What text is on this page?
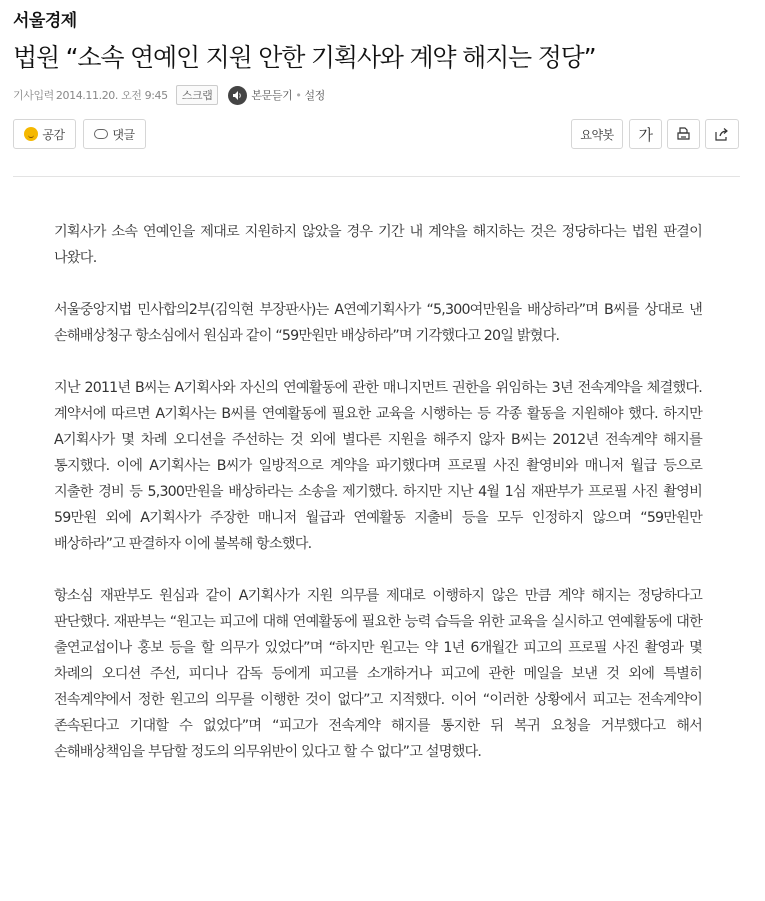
서울경제
법원 “소속 연예인 지원 안한 기획사와 계약 해지는 정당”
기사입력 2014.11.20. 오전 9:45	스크랩	본문듣기 • 설정
공감	댓글	요약봇	가

기획사가 소속 연예인을 제대로 지원하지 않았을 경우 기간 내 계약을 해지하는 것은 정당하다는 법원 판결이 나왔다.

서울중앙지법 민사합의2부(김익현 부장판사)는 A연예기획사가 “5,300여만원을 배상하라”며 B씨를 상대로 낸 손해배상청구 항소심에서 원심과 같이 “59만원만 배상하라”며 기각했다고 20일 밝혔다.

지난 2011년 B씨는 A기획사와 자신의 연예활동에 관한 매니지먼트 권한을 위임하는 3년 전속계약을 체결했다. 계약서에 따르면 A기획사는 B씨를 연예활동에 필요한 교육을 시행하는 등 각종 활동을 지원해야 했다. 하지만 A기획사가 몇 차례 오디션을 주선하는 것 외에 별다른 지원을 해주지 않자 B씨는 2012년 전속계약 해지를 통지했다. 이에 A기획사는 B씨가 일방적으로 계약을 파기했다며 프로필 사진 촬영비와 매니저 월급 등으로 지출한 경비 등 5,300만원을 배상하라는 소송을 제기했다. 하지만 지난 4월 1심 재판부가 프로필 사진 촬영비 59만원 외에 A기획사가 주장한 매니저 월급과 연예활동 지출비 등을 모두 인정하지 않으며 “59만원만 배상하라”고 판결하자 이에 불복해 항소했다.

항소심 재판부도 원심과 같이 A기획사가 지원 의무를 제대로 이행하지 않은 만큼 계약 해지는 정당하다고 판단했다. 재판부는 “원고는 피고에 대해 연예활동에 필요한 능력 습득을 위한 교육을 실시하고 연예활동에 대한 출연교섭이나 홍보 등을 할 의무가 있었다”며 “하지만 원고는 약 1년 6개월간 피고의 프로필 사진 촬영과 몇 차례의 오디션 주선, 피디나 감독 등에게 피고를 소개하거나 피고에 관한 메일을 보낸 것 외에 특별히 전속계약에서 정한 원고의 의무를 이행한 것이 없다”고 지적했다. 이어 “이러한 상황에서 피고는 전속계약이 존속된다고 기대할 수 없었다”며 “피고가 전속계약 해지를 통지한 뒤 복귀 요청을 거부했다고 해서 손해배상책임을 부담할 정도의 의무위반이 있다고 할 수 없다”고 설명했다.
